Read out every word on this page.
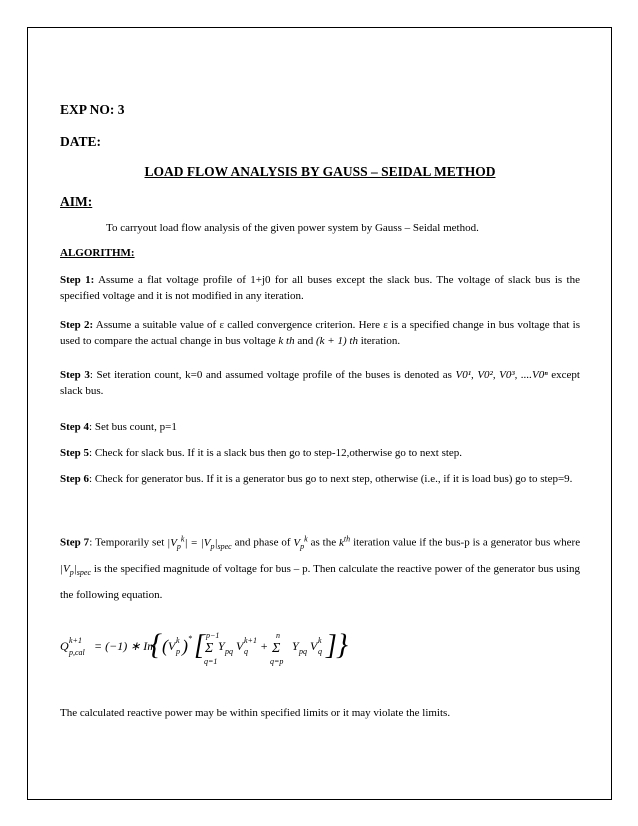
EXP NO: 3
DATE:
LOAD FLOW ANALYSIS BY GAUSS – SEIDAL METHOD
AIM:
To carryout load flow analysis of the given power system by Gauss – Seidal method.
ALGORITHM:
Step 1: Assume a flat voltage profile of 1+j0 for all buses except the slack bus. The voltage of slack bus is the specified voltage and it is not modified in any iteration.
Step 2: Assume a suitable value of ε called convergence criterion. Here ε is a specified change in bus voltage that is used to compare the actual change in bus voltage k th and (k + 1) th iteration.
Step 3: Set iteration count, k=0 and assumed voltage profile of the buses is denoted as V0¹, V0², V0³, ....V0ⁿ except slack bus.
Step 4: Set bus count, p=1
Step 5: Check for slack bus. If it is a slack bus then go to step-12,otherwise go to next step.
Step 6: Check for generator bus. If it is a generator bus go to next step, otherwise (i.e., if it is load bus) go to step=9.
Step 7: Temporarily set $|V_p^k| = |V_p|_{spec}$ and phase of $V_p^k$ as the $k^{th}$ iteration value if the bus-p is a generator bus where $|V_p|_{spec}$ is the specified magnitude of voltage for bus – p. Then calculate the reactive power of the generator bus using the following equation.
Q k+1
p,cal = (−1) ∗ Im
{ ( V p
k ) * [ p−1
Σ
q=1
Y pq V q
k+1 +
n
Σ
q=p
Y pq V q
k ] }
The calculated reactive power may be within specified limits or it may violate the limits.
